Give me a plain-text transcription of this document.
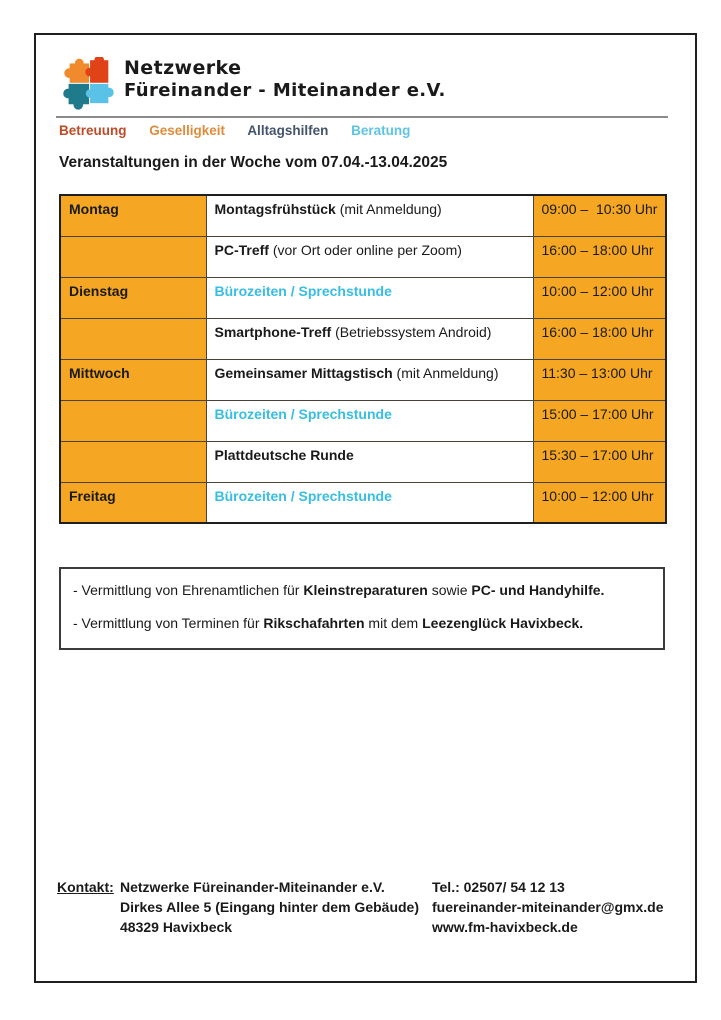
Netzwerke
Füreinander - Miteinander e.V.
Betreuung Geselligkeit Alltagshilfen Beratung
Veranstaltungen in der Woche vom 07.04.-13.04.2025
Montag	Montagsfrühstück (mit Anmeldung)	09:00 –  10:30 Uhr
	PC-Treff (vor Ort oder online per Zoom)	16:00 – 18:00 Uhr
Dienstag	Bürozeiten / Sprechstunde	10:00 – 12:00 Uhr
	Smartphone-Treff (Betriebssystem Android)	16:00 – 18:00 Uhr
Mittwoch	Gemeinsamer Mittagstisch (mit Anmeldung)	11:30 – 13:00 Uhr
	Bürozeiten / Sprechstunde	15:00 – 17:00 Uhr
	Plattdeutsche Runde	15:30 – 17:00 Uhr
Freitag	Bürozeiten / Sprechstunde	10:00 – 12:00 Uhr

- Vermittlung von Ehrenamtlichen für Kleinstreparaturen sowie PC- und Handyhilfe.

- Vermittlung von Terminen für Rikschafahrten mit dem Leezenglück Havixbeck.

Kontakt: Netzwerke Füreinander-Miteinander e.V.
Dirkes Allee 5 (Eingang hinter dem Gebäude)
48329 Havixbeck
Tel.: 02507/ 54 12 13
fuereinander-miteinander@gmx.de
www.fm-havixbeck.de
